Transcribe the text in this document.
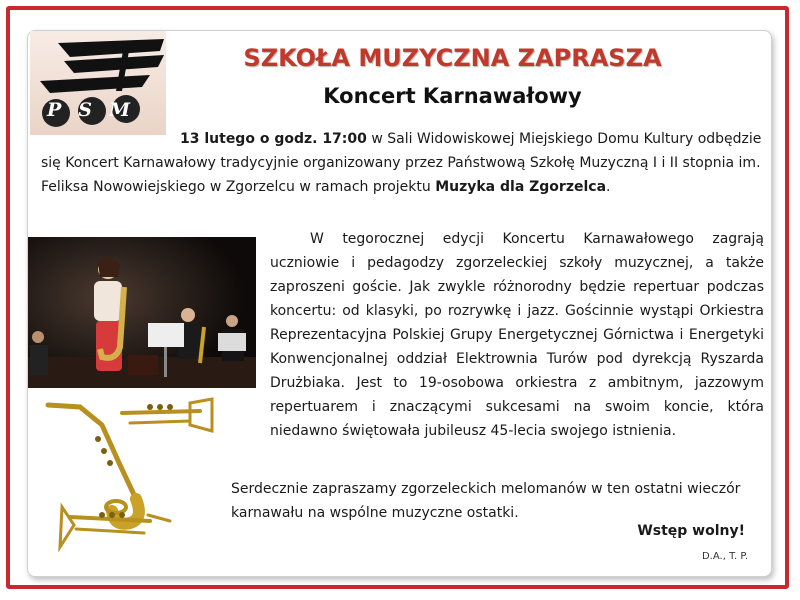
PSM
SZKOŁA MUZYCZNA ZAPRASZA
Koncert Karnawałowy
13 lutego o godz. 17:00 w Sali Widowiskowej Miejskiego Domu Kultury odbędzie się Koncert Karnawałowy tradycyjnie organizowany przez Państwową Szkołę Muzyczną I i II stopnia im. Feliksa Nowowiejskiego w Zgorzelcu w ramach projektu Muzyka dla Zgorzelca.
W tegorocznej edycji Koncertu Karnawałowego zagrają uczniowie i pedagodzy zgorzeleckiej szkoły muzycznej, a także zaproszeni goście. Jak zwykle różnorodny będzie repertuar podczas koncertu: od klasyki, po rozrywkę i jazz. Gościnnie wystąpi Orkiestra Reprezentacyjna Polskiej Grupy Energetycznej Górnictwa i Energetyki Konwencjonalnej oddział Elektrownia Turów pod dyrekcją Ryszarda Drużbiaka. Jest to 19-osobowa orkiestra z ambitnym, jazzowym repertuarem i znaczącymi sukcesami na swoim koncie, która niedawno świętowała jubileusz 45-lecia swojego istnienia.
Serdecznie zapraszamy zgorzeleckich melomanów w ten ostatni wieczór karnawału na wspólne muzyczne ostatki.
Wstęp wolny!
D.A., T. P.
